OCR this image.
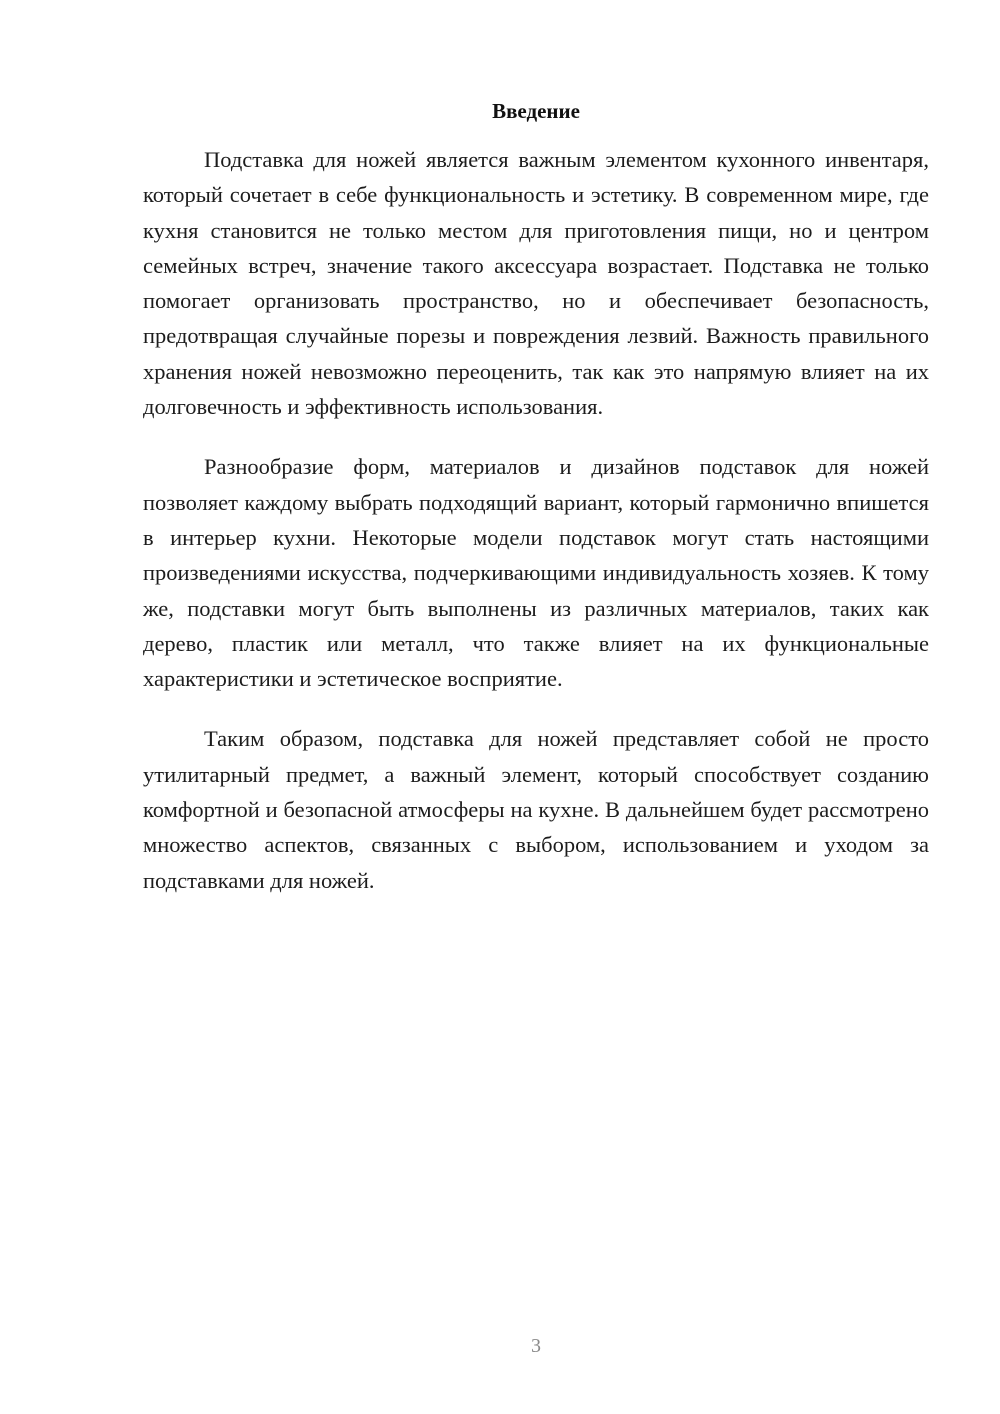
Введение

Подставка для ножей является важным элементом кухонного инвентаря, который сочетает в себе функциональность и эстетику. В современном мире, где кухня становится не только местом для приготовления пищи, но и центром семейных встреч, значение такого аксессуара возрастает. Подставка не только помогает организовать пространство, но и обеспечивает безопасность, предотвращая случайные порезы и повреждения лезвий. Важность правильного хранения ножей невозможно переоценить, так как это напрямую влияет на их долговечность и эффективность использования.

Разнообразие форм, материалов и дизайнов подставок для ножей позволяет каждому выбрать подходящий вариант, который гармонично впишется в интерьер кухни. Некоторые модели подставок могут стать настоящими произведениями искусства, подчеркивающими индивидуальность хозяев. К тому же, подставки могут быть выполнены из различных материалов, таких как дерево, пластик или металл, что также влияет на их функциональные характеристики и эстетическое восприятие.

Таким образом, подставка для ножей представляет собой не просто утилитарный предмет, а важный элемент, который способствует созданию комфортной и безопасной атмосферы на кухне. В дальнейшем будет рассмотрено множество аспектов, связанных с выбором, использованием и уходом за подставками для ножей.

3
